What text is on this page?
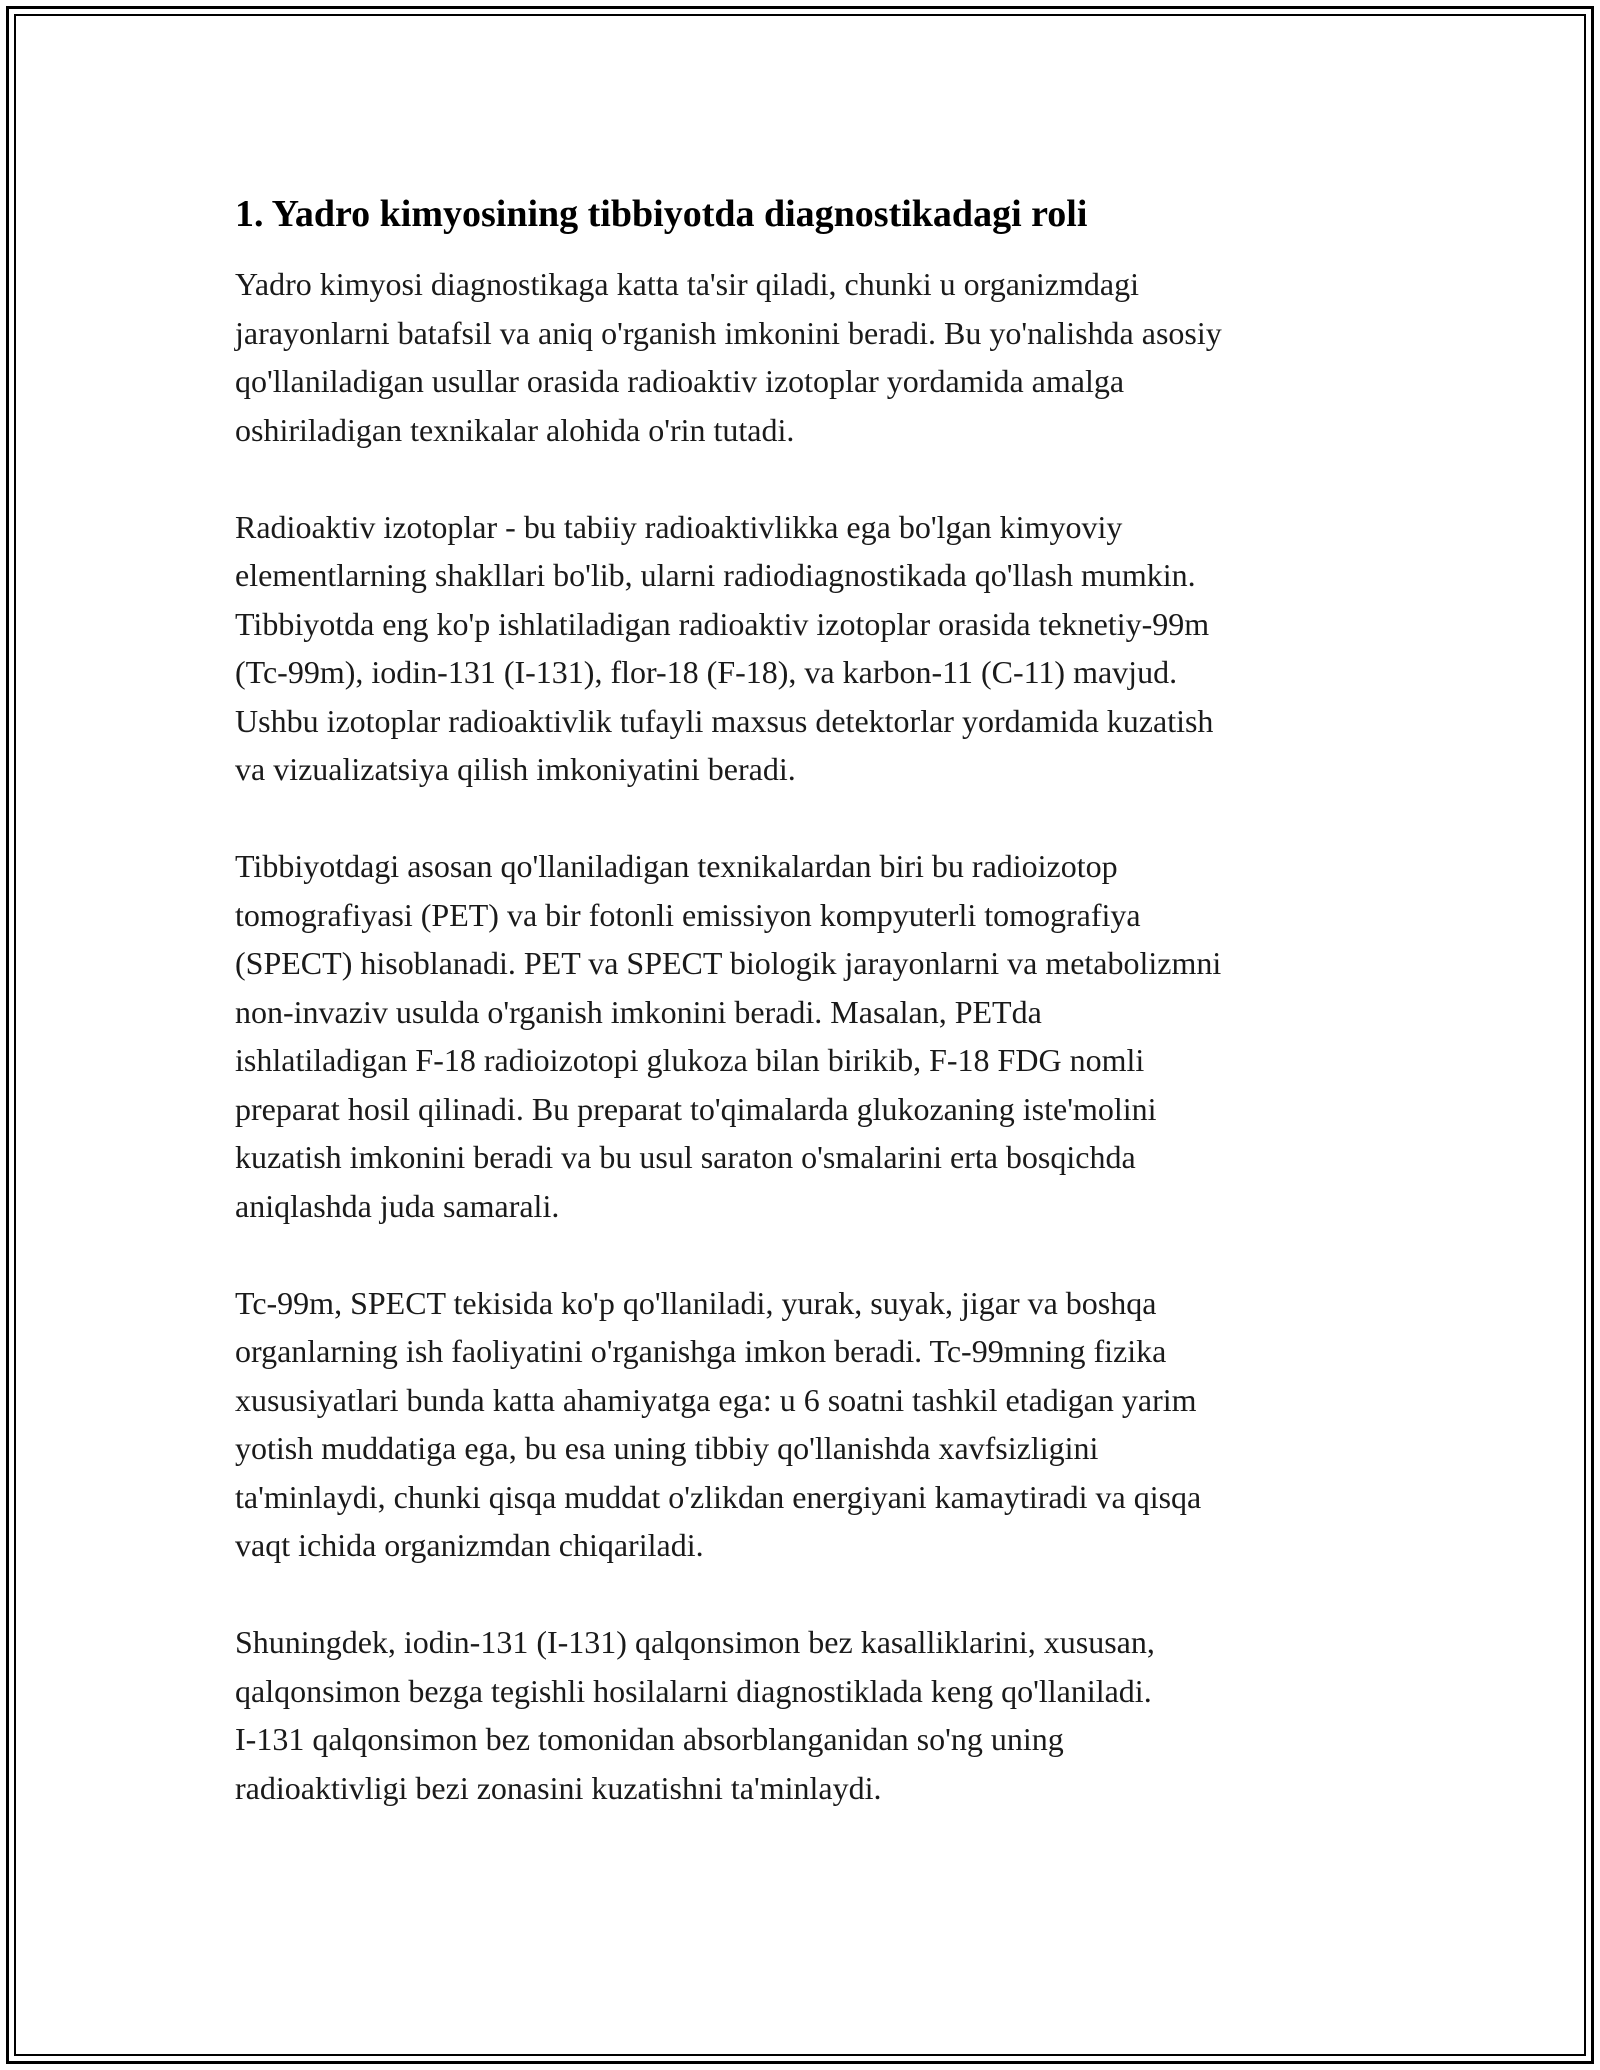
1. Yadro kimyosining tibbiyotda diagnostikadagi roli

Yadro kimyosi diagnostikaga katta ta'sir qiladi, chunki u organizmdagi
jarayonlarni batafsil va aniq o'rganish imkonini beradi. Bu yo'nalishda asosiy
qo'llaniladigan usullar orasida radioaktiv izotoplar yordamida amalga
oshiriladigan texnikalar alohida o'rin tutadi.

Radioaktiv izotoplar - bu tabiiy radioaktivlikka ega bo'lgan kimyoviy
elementlarning shakllari bo'lib, ularni radiodiagnostikada qo'llash mumkin.
Tibbiyotda eng ko'p ishlatiladigan radioaktiv izotoplar orasida teknetiy-99m
(Tc-99m), iodin-131 (I-131), flor-18 (F-18), va karbon-11 (C-11) mavjud.
Ushbu izotoplar radioaktivlik tufayli maxsus detektorlar yordamida kuzatish
va vizualizatsiya qilish imkoniyatini beradi.

Tibbiyotdagi asosan qo'llaniladigan texnikalardan biri bu radioizotop
tomografiyasi (PET) va bir fotonli emissiyon kompyuterli tomografiya
(SPECT) hisoblanadi. PET va SPECT biologik jarayonlarni va metabolizmni
non-invaziv usulda o'rganish imkonini beradi. Masalan, PETda
ishlatiladigan F-18 radioizotopi glukoza bilan birikib, F-18 FDG nomli
preparat hosil qilinadi. Bu preparat to'qimalarda glukozaning iste'molini
kuzatish imkonini beradi va bu usul saraton o'smalarini erta bosqichda
aniqlashda juda samarali.

Tc-99m, SPECT tekisida ko'p qo'llaniladi, yurak, suyak, jigar va boshqa
organlarning ish faoliyatini o'rganishga imkon beradi. Tc-99mning fizika
xususiyatlari bunda katta ahamiyatga ega: u 6 soatni tashkil etadigan yarim
yotish muddatiga ega, bu esa uning tibbiy qo'llanishda xavfsizligini
ta'minlaydi, chunki qisqa muddat o'zlikdan energiyani kamaytiradi va qisqa
vaqt ichida organizmdan chiqariladi.

Shuningdek, iodin-131 (I-131) qalqonsimon bez kasalliklarini, xususan,
qalqonsimon bezga tegishli hosilalarni diagnostiklada keng qo'llaniladi.
I-131 qalqonsimon bez tomonidan absorblanganidan so'ng uning
radioaktivligi bezi zonasini kuzatishni ta'minlaydi.
